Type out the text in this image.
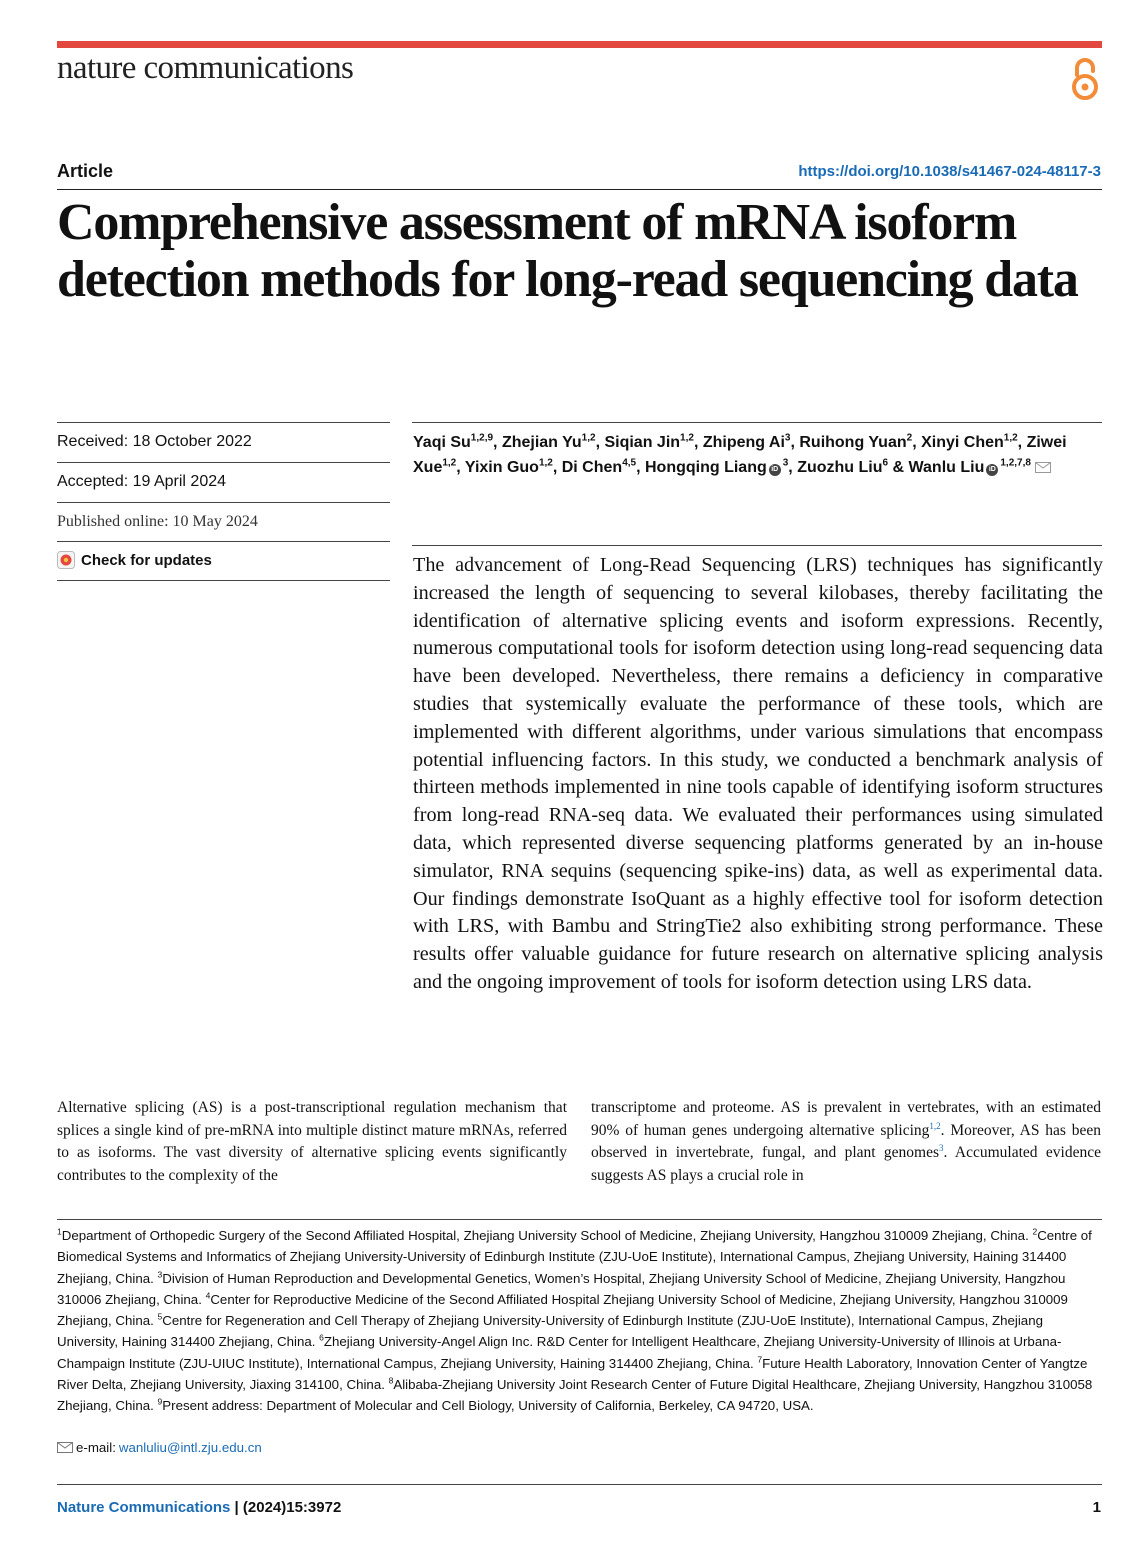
nature communications
Article	https://doi.org/10.1038/s41467-024-48117-3
Comprehensive assessment of mRNA isoform detection methods for long-read sequencing data
Received: 18 October 2022
Accepted: 19 April 2024
Published online: 10 May 2024
Check for updates
Yaqi Su$^{1,2,9}$, Zhejian Yu$^{1,2}$, Siqian Jin$^{1,2}$, Zhipeng Ai$^3$, Ruihong Yuan$^2$, Xinyi Chen$^{1,2}$, Ziwei Xue$^{1,2}$, Yixin Guo$^{1,2}$, Di Chen$^{4,5}$, Hongqing Liang $iD^3$, Zuozhu Liu$^6$ & Wanlu Liu iD$^{1,2,7,8}$

The advancement of Long-Read Sequencing (LRS) techniques has significantly increased the length of sequencing to several kilobases, thereby facilitating the identification of alternative splicing events and isoform expressions. Recently, numerous computational tools for isoform detection using long-read sequencing data have been developed. Nevertheless, there remains a deficiency in comparative studies that systemically evaluate the performance of these tools, which are implemented with different algorithms, under various simulations that encompass potential influencing factors. In this study, we conducted a benchmark analysis of thirteen methods implemented in nine tools capable of identifying isoform structures from long-read RNA-seq data. We evaluated their performances using simulated data, which represented diverse sequencing platforms generated by an in-house simulator, RNA sequins (sequencing spike-ins) data, as well as experimental data. Our findings demonstrate IsoQuant as a highly effective tool for isoform detection with LRS, with Bambu and StringTie2 also exhibiting strong performance. These results offer valuable guidance for future research on alternative splicing analysis and the ongoing improvement of tools for isoform detection using LRS data.

Alternative splicing (AS) is a post-transcriptional regulation mechanism that splices a single kind of pre-mRNA into multiple distinct mature mRNAs, referred to as isoforms. The vast diversity of alternative splicing events significantly contributes to the complexity of the

transcriptome and proteome. AS is prevalent in vertebrates, with an estimated 90% of human genes undergoing alternative splicing$^{1,2}$. Moreover, AS has been observed in invertebrate, fungal, and plant genomes$^3$. Accumulated evidence suggests AS plays a crucial role in

$^1$Department of Orthopedic Surgery of the Second Affiliated Hospital, Zhejiang University School of Medicine, Zhejiang University, Hangzhou 310009 Zhejiang, China. $^2$Centre of Biomedical Systems and Informatics of Zhejiang University-University of Edinburgh Institute (ZJU-UoE Institute), International Campus, Zhejiang University, Haining 314400 Zhejiang, China. $^3$Division of Human Reproduction and Developmental Genetics, Women’s Hospital, Zhejiang University School of Medicine, Zhejiang University, Hangzhou 310006 Zhejiang, China. $^4$Center for Reproductive Medicine of the Second Affiliated Hospital Zhejiang University School of Medicine, Zhejiang University, Hangzhou 310009 Zhejiang, China. $^5$Centre for Regeneration and Cell Therapy of Zhejiang University-University of Edinburgh Institute (ZJU-UoE Institute), International Campus, Zhejiang University, Haining 314400 Zhejiang, China. $^6$Zhejiang University-Angel Align Inc. R&D Center for Intelligent Healthcare, Zhejiang University-University of Illinois at Urbana-Champaign Institute (ZJU-UIUC Institute), International Campus, Zhejiang University, Haining 314400 Zhejiang, China. $^7$Future Health Laboratory, Innovation Center of Yangtze River Delta, Zhejiang University, Jiaxing 314100, China. $^8$Alibaba-Zhejiang University Joint Research Center of Future Digital Healthcare, Zhejiang University, Hangzhou 310058 Zhejiang, China. $^9$Present address: Department of Molecular and Cell Biology, University of California, Berkeley, CA 94720, USA.

e-mail: wanluliu@intl.zju.edu.cn
Nature Communications | (2024)15:3972	1
